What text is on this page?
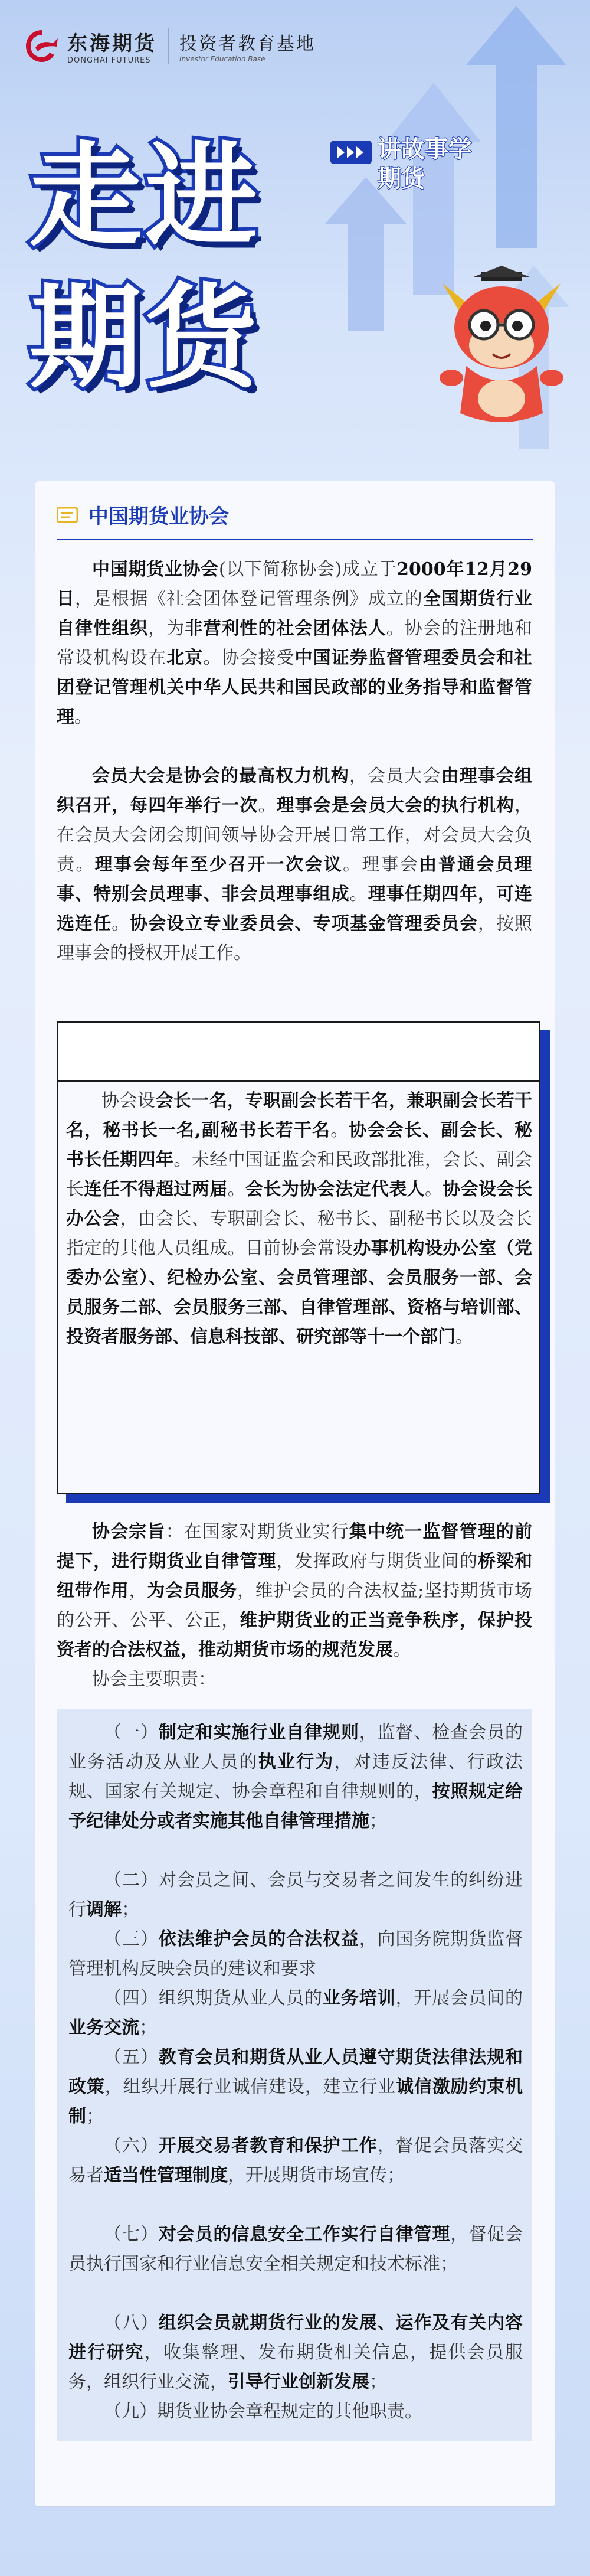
东海期货
DONGHAI FUTURES
投资者教育基地
Investor Education Base
走进
期货
讲故事学期货
中国期货业协会
中国期货业协会(以下简称协会)成立于2000年12月29日，是根据《社会团体登记管理条例》成立的全国期货行业自律性组织，为非营利性的社会团体法人。协会的注册地和常设机构设在北京。协会接受中国证券监督管理委员会和社团登记管理机关中华人民共和国民政部的业务指导和监督管理。
会员大会是协会的最高权力机构，会员大会由理事会组织召开，每四年举行一次。理事会是会员大会的执行机构，在会员大会闭会期间领导协会开展日常工作，对会员大会负责。理事会每年至少召开一次会议。理事会由普通会员理事、特别会员理事、非会员理事组成。理事任期四年，可连选连任。协会设立专业委员会、专项基金管理委员会，按照理事会的授权开展工作。
协会设会长一名，专职副会长若干名，兼职副会长若干名，秘书长一名,副秘书长若干名。协会会长、副会长、秘书长任期四年。未经中国证监会和民政部批准，会长、副会长连任不得超过两届。会长为协会法定代表人。协会设会长办公会，由会长、专职副会长、秘书长、副秘书长以及会长指定的其他人员组成。目前协会常设办事机构设办公室（党委办公室）、纪检办公室、会员管理部、会员服务一部、会员服务二部、会员服务三部、自律管理部、资格与培训部、投资者服务部、信息科技部、研究部等十一个部门。
协会宗旨：在国家对期货业实行集中统一监督管理的前提下，进行期货业自律管理，发挥政府与期货业间的桥梁和纽带作用，为会员服务，维护会员的合法权益;坚持期货市场的公开、公平、公正，维护期货业的正当竞争秩序，保护投资者的合法权益，推动期货市场的规范发展。
协会主要职责：
（一）制定和实施行业自律规则，监督、检查会员的业务活动及从业人员的执业行为，对违反法律、行政法规、国家有关规定、协会章程和自律规则的，按照规定给予纪律处分或者实施其他自律管理措施；
（二）对会员之间、会员与交易者之间发生的纠纷进行调解；
（三）依法维护会员的合法权益，向国务院期货监督管理机构反映会员的建议和要求
（四）组织期货从业人员的业务培训，开展会员间的业务交流；
（五）教育会员和期货从业人员遵守期货法律法规和政策，组织开展行业诚信建设，建立行业诚信激励约束机制；
（六）开展交易者教育和保护工作，督促会员落实交易者适当性管理制度，开展期货市场宣传；
（七）对会员的信息安全工作实行自律管理，督促会员执行国家和行业信息安全相关规定和技术标准；
（八）组织会员就期货行业的发展、运作及有关内容进行研究，收集整理、发布期货相关信息，提供会员服务，组织行业交流，引导行业创新发展；
（九）期货业协会章程规定的其他职责。
